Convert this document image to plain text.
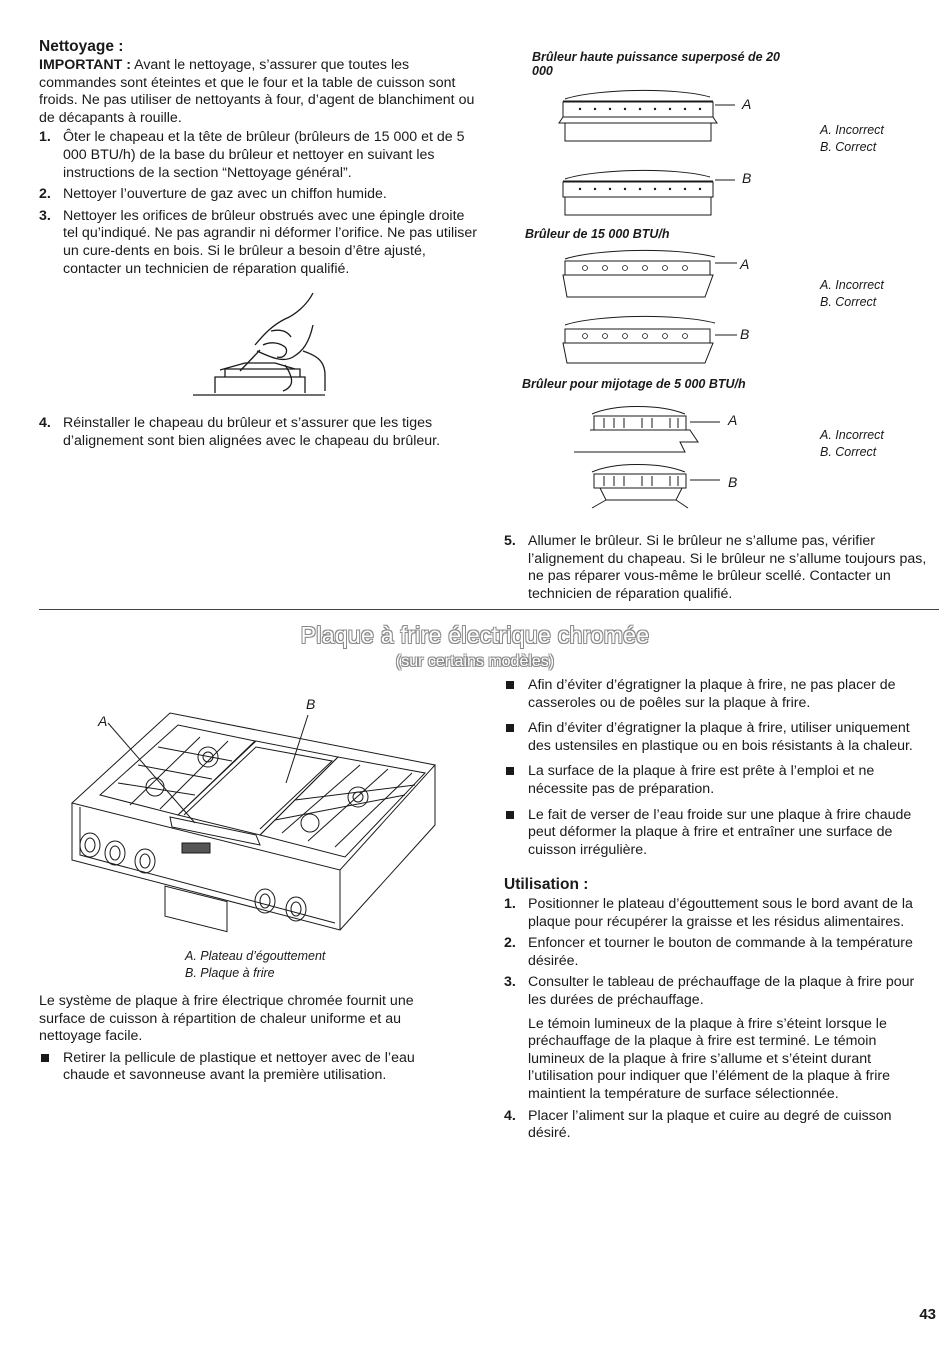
Nettoyage :

IMPORTANT : Avant le nettoyage, s’assurer que toutes les commandes sont éteintes et que le four et la table de cuisson sont froids. Ne pas utiliser de nettoyants à four, d’agent de blanchiment ou de décapants à rouille.

1. Ôter le chapeau et la tête de brûleur (brûleurs de 15 000 et de 5 000 BTU/h) de la base du brûleur et nettoyer en suivant les instructions de la section “Nettoyage général”.
2. Nettoyer l’ouverture de gaz avec un chiffon humide.
3. Nettoyer les orifices de brûleur obstrués avec une épingle droite tel qu’indiqué. Ne pas agrandir ni déformer l’orifice. Ne pas utiliser un cure-dents en bois. Si le brûleur a besoin d’être ajusté, contacter un technicien de réparation qualifié.
4. Réinstaller le chapeau du brûleur et s’assurer que les tiges d’alignement sont bien alignées avec le chapeau du brûleur.
Brûleur haute puissance superposé de 20 000
A
B
A. Incorrect
B. Correct
Brûleur de 15 000 BTU/h
A
B
A. Incorrect
B. Correct
Brûleur pour mijotage de 5 000 BTU/h
A
B
A. Incorrect
B. Correct
5. Allumer le brûleur. Si le brûleur ne s’allume pas, vérifier l’alignement du chapeau. Si le brûleur ne s’allume toujours pas, ne pas réparer vous-même le brûleur scellé. Contacter un technicien de réparation qualifié.
Plaque à frire électrique chromée
(sur certains modèles)
A
B
A. Plateau d’égouttement
B. Plaque à frire

Le système de plaque à frire électrique chromée fournit une surface de cuisson à répartition de chaleur uniforme et au nettoyage facile.

Retirer la pellicule de plastique et nettoyer avec de l’eau chaude et savonneuse avant la première utilisation.
Afin d’éviter d’égratigner la plaque à frire, ne pas placer de casseroles ou de poêles sur la plaque à frire.
Afin d’éviter d’égratigner la plaque à frire, utiliser uniquement des ustensiles en plastique ou en bois résistants à la chaleur.
La surface de la plaque à frire est prête à l’emploi et ne nécessite pas de préparation.
Le fait de verser de l’eau froide sur une plaque à frire chaude peut déformer la plaque à frire et entraîner une surface de cuisson irrégulière.
Utilisation :
1. Positionner le plateau d’égouttement sous le bord avant de la plaque pour récupérer la graisse et les résidus alimentaires.
2. Enfoncer et tourner le bouton de commande à la température désirée.
3. Consulter le tableau de préchauffage de la plaque à frire pour les durées de préchauffage.

Le témoin lumineux de la plaque à frire s’éteint lorsque le préchauffage de la plaque à frire est terminé. Le témoin lumineux de la plaque à frire s’allume et s’éteint durant l’utilisation pour indiquer que l’élément de la plaque à frire maintient la température de surface sélectionnée.

4. Placer l’aliment sur la plaque et cuire au degré de cuisson désiré.
43
